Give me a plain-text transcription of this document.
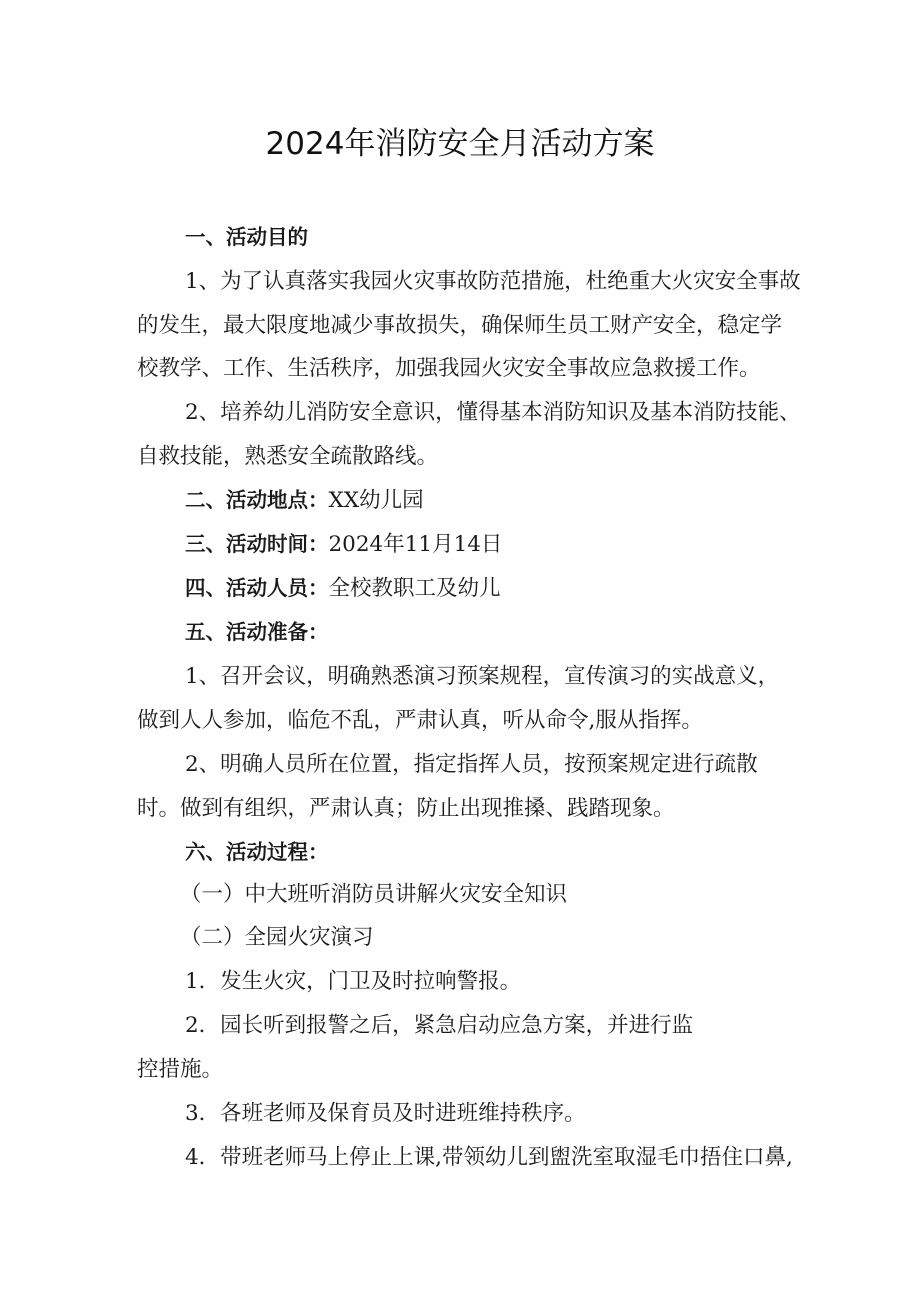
2024年消防安全月活动方案
一、活动目的
1、为了认真落实我园火灾事故防范措施，杜绝重大火灾安全事故
的发生，最大限度地减少事故损失，确保师生员工财产安全，稳定学
校教学、工作、生活秩序，加强我园火灾安全事故应急救援工作。
2、培养幼儿消防安全意识，懂得基本消防知识及基本消防技能、
自救技能，熟悉安全疏散路线。
二、活动地点：XX幼儿园
三、活动时间：2024年11月14日
四、活动人员：全校教职工及幼儿
五、活动准备：
1、召开会议，明确熟悉演习预案规程，宣传演习的实战意义，
做到人人参加，临危不乱，严肃认真，听从命令,服从指挥。
2、明确人员所在位置，指定指挥人员，按预案规定进行疏散
时。做到有组织，严肃认真；防止出现推搡、践踏现象。
六、活动过程：
（一）中大班听消防员讲解火灾安全知识
（二）全园火灾演习
1．发生火灾，门卫及时拉响警报。
2．园长听到报警之后，紧急启动应急方案，并进行监
控措施。
3．各班老师及保育员及时进班维持秩序。
4．带班老师马上停止上课,带领幼儿到盥洗室取湿毛巾捂住口鼻,
